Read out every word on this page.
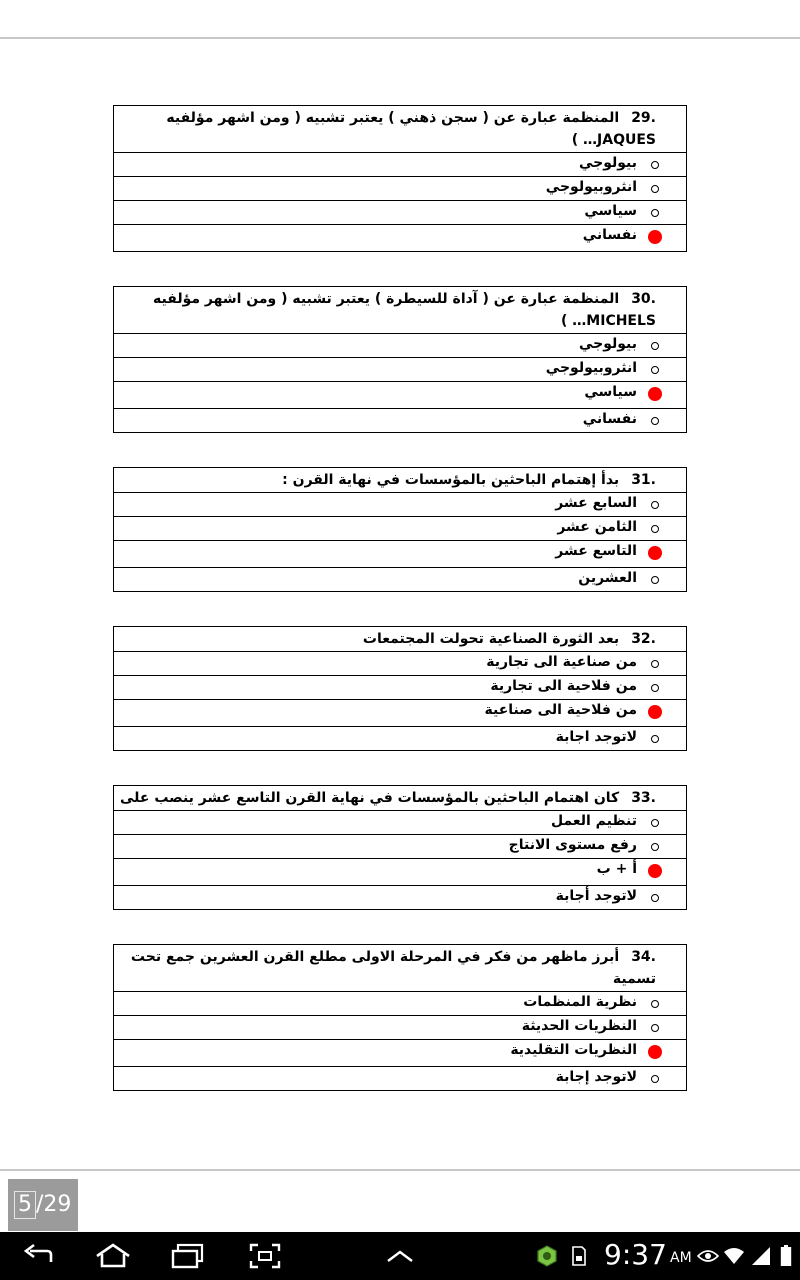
.29المنظمة عبارة عن ( سجن ذهني ) يعتبر تشبيه ( ومن اشهر مؤلفيه JAQUES… )

بيولوجي

انثروبيولوجي

سياسي

نفساني
.30المنظمة عبارة عن ( آداة للسيطرة ) يعتبر تشبيه ( ومن اشهر مؤلفيه MICHELS… )

بيولوجي

انثروبيولوجي

سياسي

نفساني
.31بدأ إهتمام الباحثين بالمؤسسات في نهاية القرن :

السابع عشر

الثامن عشر

التاسع عشر

العشرين
.32بعد الثورة الصناعية تحولت المجتمعات

من صناعية الى تجارية

من فلاحية الى تجارية

من فلاحية الى صناعية

لاتوجد اجابة
.33كان اهتمام الباحثين بالمؤسسات في نهاية القرن التاسع عشر ينصب على

تنظيم العمل

رفع مستوى الانتاج

أ + ب

لاتوجد أجابة
.34أبرز ماظهر من فكر في المرحلة الاولى مطلع القرن العشرين جمع تحت تسمية

نظرية المنظمات

النظريات الحديثة

النظريات التقليدية

لاتوجد إجابة
5 /29
9:37 AM
